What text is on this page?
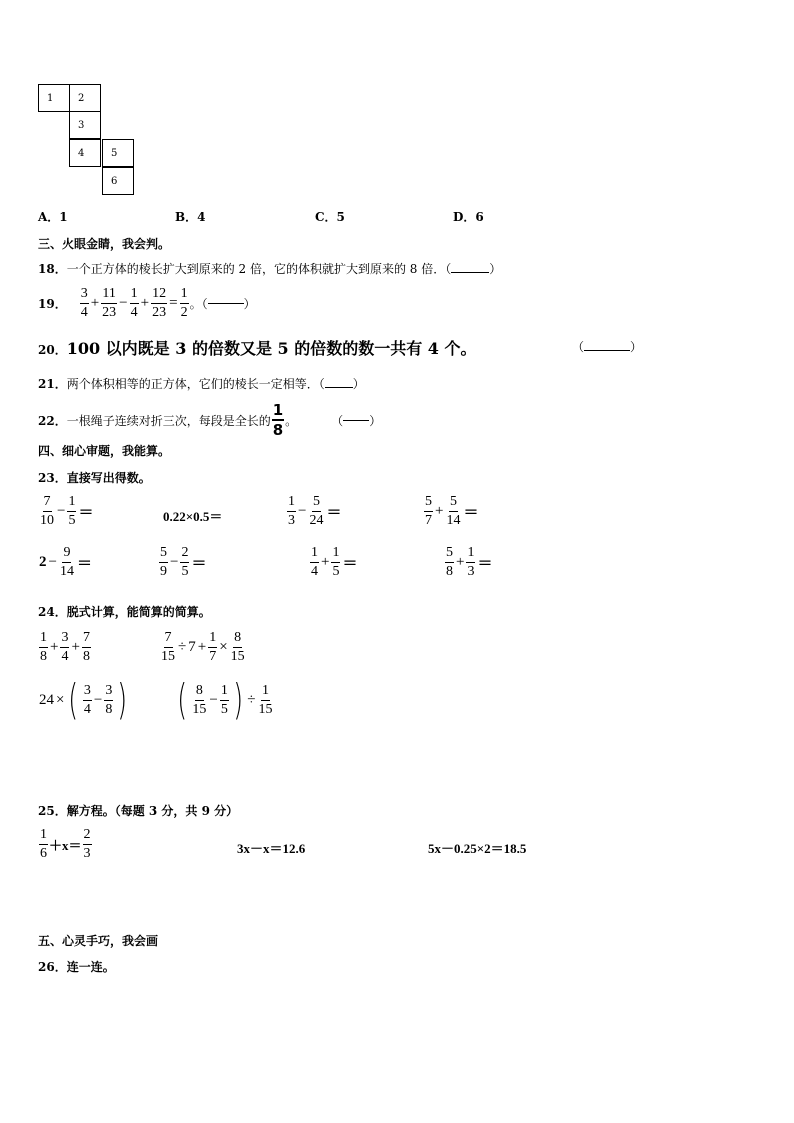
1	2
3
4	5
6
A．1	B．4	C．5	D．6
三、火眼金睛，我会判。
18．一个正方体的棱长扩大到原来的 2 倍，它的体积就扩大到原来的 8 倍．（	）
19． $\frac{3}{4} + \frac{11}{23} - \frac{1}{4} + \frac{12}{23} = \frac{1}{2}$ 。（	）
20．100 以内既是 3 的倍数又是 5 的倍数的数一共有 4 个。	（	）
21．两个体积相等的正方体，它们的棱长一定相等．（ ）
22． 一根绳子连续对折三次，每段是全长的 $\frac{1}{8}$ 。	（ ）
四、细心审题，我能算。
23．直接写出得数。
$\frac{7}{10} - \frac{1}{5}$ ＝	0.22×0.5＝	$\frac{1}{3} - \frac{5}{24}$ ＝	$\frac{5}{7} + \frac{5}{14}$ ＝
$2 - \frac{9}{14}$ ＝	$\frac{5}{9} - \frac{2}{5}$ ＝	$\frac{1}{4} + \frac{1}{5}$ ＝	$\frac{5}{8} + \frac{1}{3}$ ＝
24．脱式计算，能简算的简算。
$\frac{1}{8} + \frac{3}{4} + \frac{7}{8}$	$\frac{7}{15} \div 7 + \frac{1}{7} \times \frac{8}{15}$
24 × ( $\frac{3}{4} - \frac{3}{8}$ ) ( $\frac{8}{15} - \frac{1}{5}$ ) ÷ $\frac{1}{15}$
25．解方程。（每题 3 分，共 9 分）
$\frac{1}{6} +x= \frac{2}{3}$	3x－x＝12.6	5x－0.25×2＝18.5
五、心灵手巧，我会画
26．连一连。
